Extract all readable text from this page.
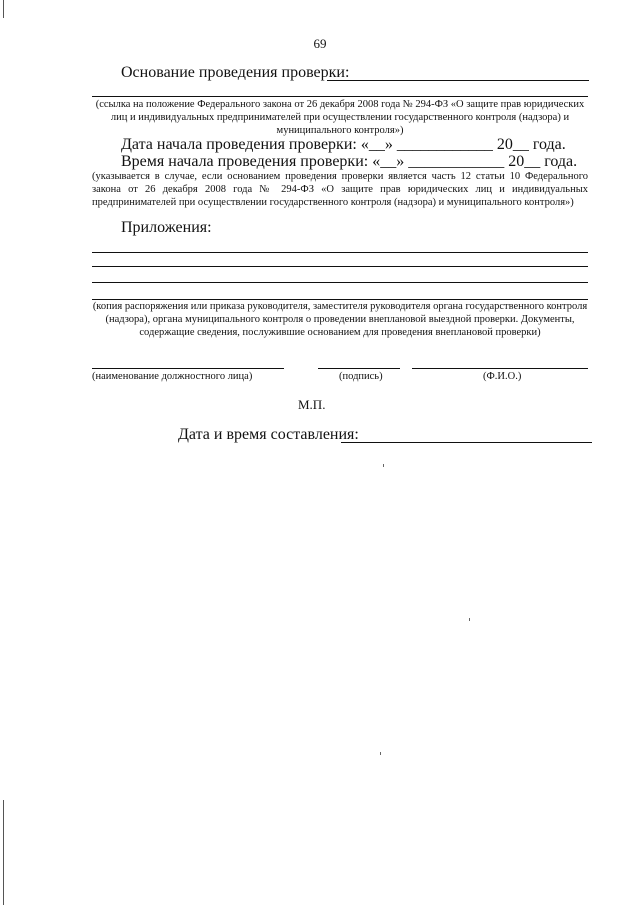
69
Основание проведения проверки:
(ссылка на положение Федерального закона от 26 декабря 2008 года № 294-ФЗ «О защите прав юридических лиц и индивидуальных предпринимателей при осуществлении государственного контроля (надзора) и муниципального контроля»)
Дата начала проведения проверки: «__» ____________ 20__ года.
Время начала проведения проверки: «__» ____________ 20__ года.
(указывается в случае, если основанием проведения проверки является часть 12 статьи 10 Федерального закона от 26 декабря 2008 года № 294-ФЗ «О защите прав юридических лиц и индивидуальных предпринимателей при осуществлении государственного контроля (надзора) и муниципального контроля»)
Приложения:
(копия распоряжения или приказа руководителя, заместителя руководителя органа государственного контроля (надзора), органа муниципального контроля о проведении внеплановой выездной проверки. Документы, содержащие сведения, послужившие основанием для проведения внеплановой проверки)
(наименование должностного лица)	(подпись)	(Ф.И.О.)
М.П.
Дата и время составления:
